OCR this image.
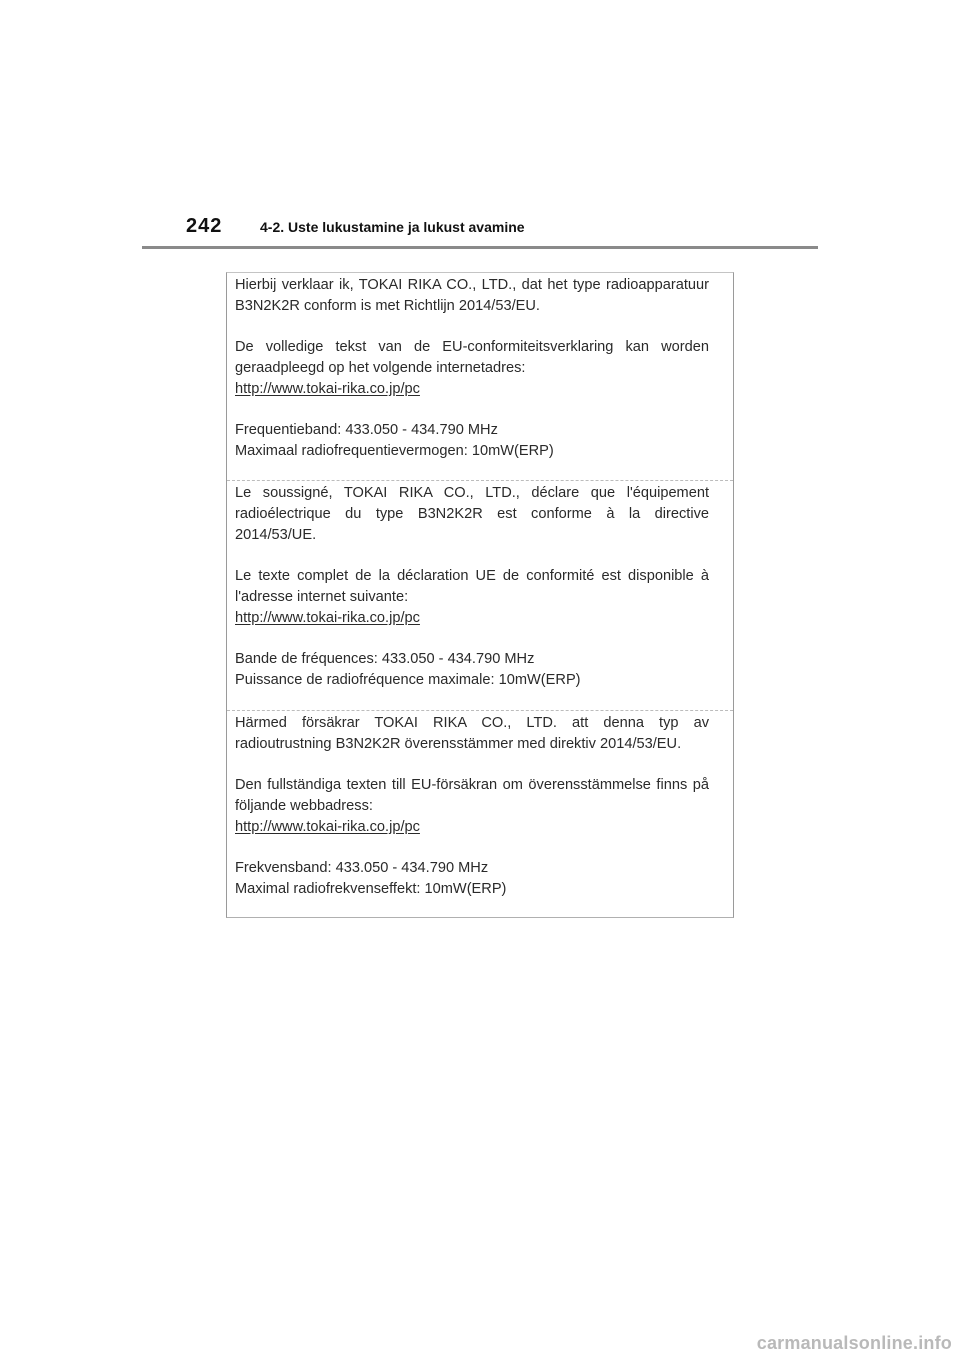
242	4-2. Uste lukustamine ja lukust avamine

Hierbij verklaar ik, TOKAI RIKA CO., LTD., dat het type radioapparatuur B3N2K2R conform is met Richtlijn 2014/53/EU.

De volledige tekst van de EU-conformiteitsverklaring kan worden geraadpleegd op het volgende internetadres:

http://www.tokai-rika.co.jp/pc

Frequentieband: 433.050 - 434.790 MHz

Maximaal radiofrequentievermogen: 10mW(ERP)

Le soussigné, TOKAI RIKA CO., LTD., déclare que l'équipement radioélectrique du type B3N2K2R est conforme à la directive 2014/53/UE.

Le texte complet de la déclaration UE de conformité est disponible à l'adresse internet suivante:

http://www.tokai-rika.co.jp/pc

Bande de fréquences: 433.050 - 434.790 MHz

Puissance de radiofréquence maximale: 10mW(ERP)

Härmed försäkrar TOKAI RIKA CO., LTD. att denna typ av radioutrustning B3N2K2R överensstämmer med direktiv 2014/53/EU.

Den fullständiga texten till EU-försäkran om överensstämmelse finns på följande webbadress:

http://www.tokai-rika.co.jp/pc

Frekvensband: 433.050 - 434.790 MHz

Maximal radiofrekvenseffekt: 10mW(ERP)

carmanualsonline.info
